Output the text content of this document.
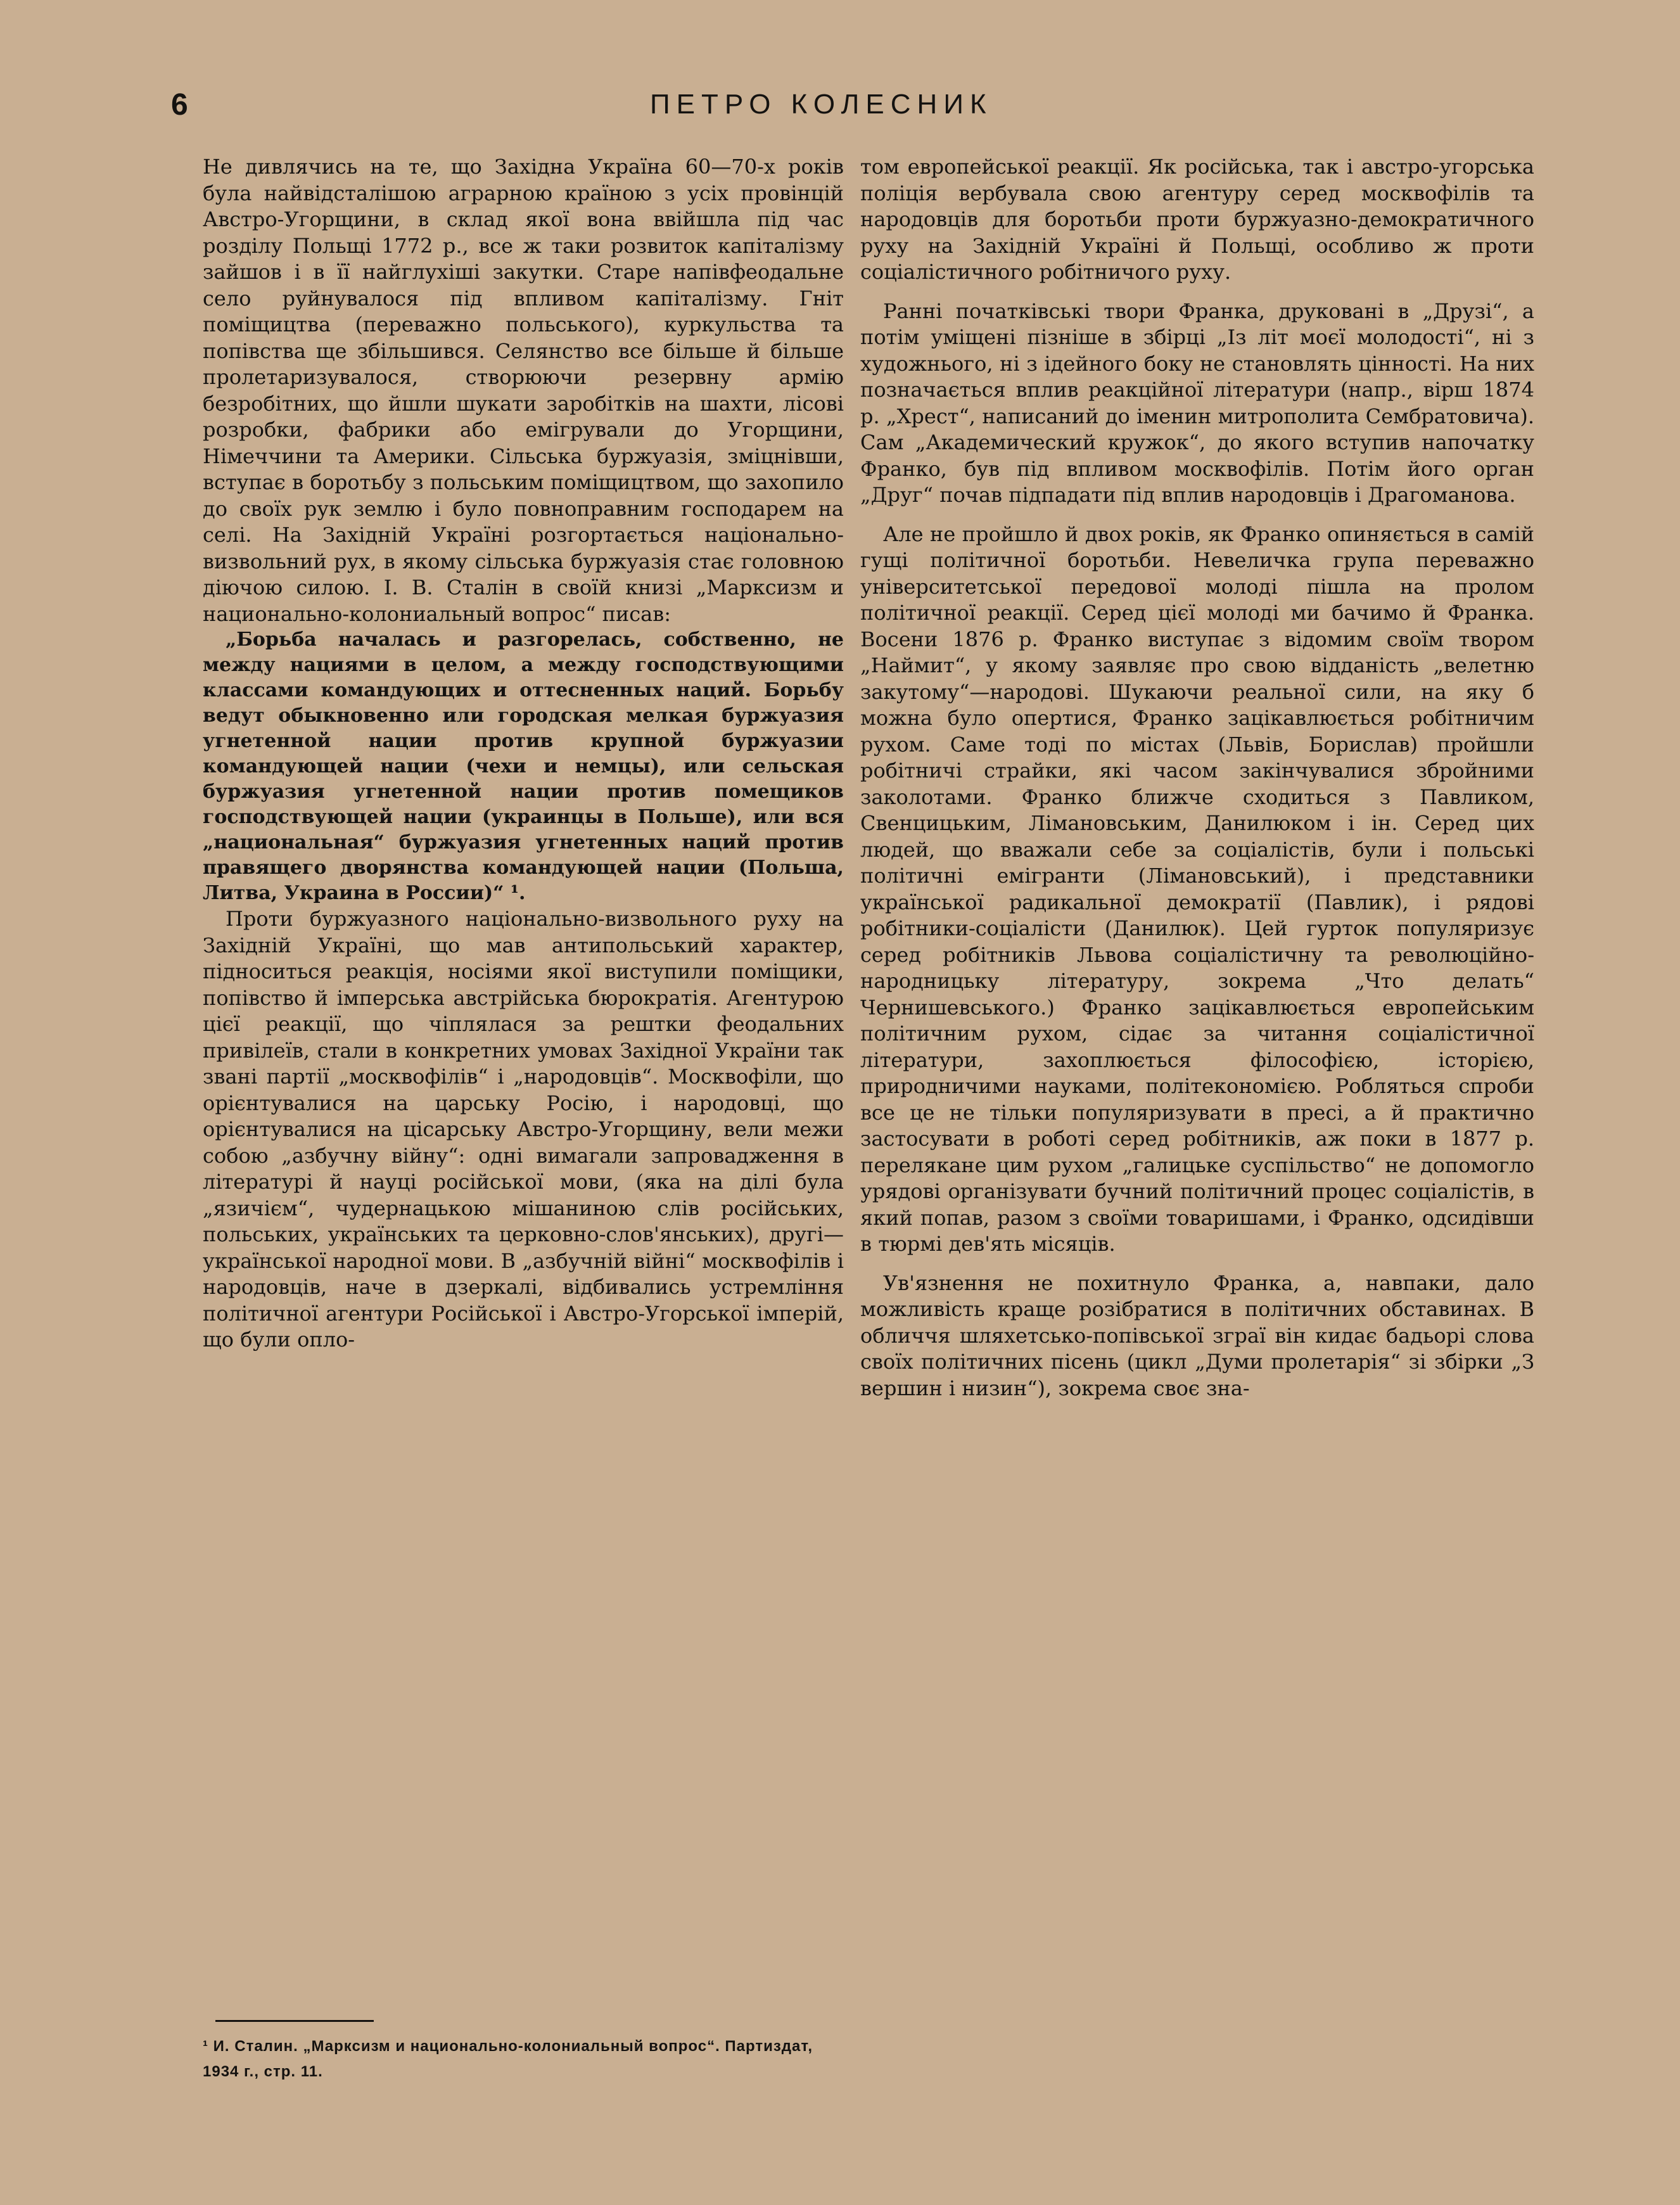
6	ПЕТРО КОЛЕСНИК

Не дивлячись на те, що Західна Україна 60—70-х років була найвідсталішою аграрною країною з усіх провінцій Австро-Угорщини, в склад якої вона ввійшла під час розділу Польщі 1772 р., все ж таки розвиток капіталізму зайшов і в її найглухіші закутки. Старе напівфеодальне село руйнувалося під впливом капіталізму. Гніт поміщицтва (переважно польського), куркульства та попівства ще збільшився. Селянство все більше й більше пролетаризувалося, створюючи резервну армію безробітних, що йшли шукати заробітків на шахти, лісові розробки, фабрики або емігрували до Угорщини, Німеччини та Америки. Сільська буржуазія, зміцнівши, вступає в боротьбу з польським поміщицтвом, що захопило до своїх рук землю і було повноправним господарем на селі. На Західній Україні розгортається національно-визвольний рух, в якому сільська буржуазія стає головною діючою силою. І. В. Сталін в своїй книзі „Марксизм и национально-колониальный вопрос“ писав:

„Борьба началась и разгорелась, собственно, не между нациями в целом, а между господствующими классами командующих и оттесненных наций. Борьбу ведут обыкновенно или городская мелкая буржуазия угнетенной нации против крупной буржуазии командующей нации (чехи и немцы), или сельская буржуазия угнетенной нации против помещиков господствующей нации (украинцы в Польше), или вся „национальная“ буржуазия угнетенных наций против правящего дворянства командующей нации (Польша, Литва, Украина в России)“ ¹.

Проти буржуазного національно-визвольного руху на Західній Україні, що мав антипольський характер, підноситься реакція, носіями якої виступили поміщики, попівство й імперська австрійська бюрократія. Агентурою цієї реакції, що чіплялася за рештки феодальних привілеїв, стали в конкретних умовах Західної України так звані партії „москвофілів“ і „народовців“. Москвофіли, що орієнтувалися на царську Росію, і народовці, що орієнтувалися на цісарську Австро-Угорщину, вели межи собою „азбучну війну“: одні вимагали запровадження в літературі й науці російської мови, (яка на ділі була „язичієм“, чудернацькою мішаниною слів російських, польських, українських та церковно-слов'янських), другі—української народної мови. В „азбучній війні“ москвофілів і народовців, наче в дзеркалі, відбивались устремління політичної агентури Російської і Австро-Угорської імперій, що були опло-

том европейської реакції. Як російська, так і австро-угорська поліція вербувала свою агентуру серед москвофілів та народовців для боротьби проти буржуазно-демократичного руху на Західній Україні й Польщі, особливо ж проти соціалістичного робітничого руху.

Ранні початківські твори Франка, друковані в „Друзі“, а потім уміщені пізніше в збірці „Із літ моєї молодості“, ні з художнього, ні з ідейного боку не становлять цінності. На них позначається вплив реакційної літератури (напр., вірш 1874 р. „Хрест“, написаний до іменин митрополита Сембратовича). Сам „Академический кружок“, до якого вступив напочатку Франко, був під впливом москвофілів. Потім його орган „Друг“ почав підпадати під вплив народовців і Драгоманова.

Але не пройшло й двох років, як Франко опиняється в самій гущі політичної боротьби. Невеличка група переважно університетської передової молоді пішла на пролом політичної реакції. Серед цієї молоді ми бачимо й Франка. Восени 1876 р. Франко виступає з відомим своїм твором „Наймит“, у якому заявляє про свою відданість „велетню закутому“—народові. Шукаючи реальної сили, на яку б можна було опертися, Франко зацікавлюється робітничим рухом. Саме тоді по містах (Львів, Борислав) пройшли робітничі страйки, які часом закінчувалися збройними заколотами. Франко ближче сходиться з Павликом, Свенцицьким, Лімановським, Данилюком і ін. Серед цих людей, що вважали себе за соціалістів, були і польські політичні емігранти (Лімановський), і представники української радикальної демократії (Павлик), і рядові робітники-соціалісти (Данилюк). Цей гурток популяризує серед робітників Львова соціалістичну та революційно-народницьку літературу, зокрема „Что делать“ Чернишевського.) Франко зацікавлюється европейським політичним рухом, сідає за читання соціалістичної літератури, захоплюється філософією, історією, природничими науками, політекономією. Робляться спроби все це не тільки популяризувати в пресі, а й практично застосувати в роботі серед робітників, аж поки в 1877 р. перелякане цим рухом „галицьке суспільство“ не допомогло урядові організувати бучний політичний процес соціалістів, в який попав, разом з своїми товаришами, і Франко, одсидівши в тюрмі дев'ять місяців.

Ув'язнення не похитнуло Франка, а, навпаки, дало можливість краще розібратися в політичних обставинах. В обличчя шляхетсько-попівської зграї він кидає бадьорі слова своїх політичних пісень (цикл „Думи пролетарія“ зі збірки „З вершин і низин“), зокрема своє зна-

¹ И. Сталин. „Марксизм и национально-колониальный вопрос“. Партиздат, 1934 г., стр. 11.
